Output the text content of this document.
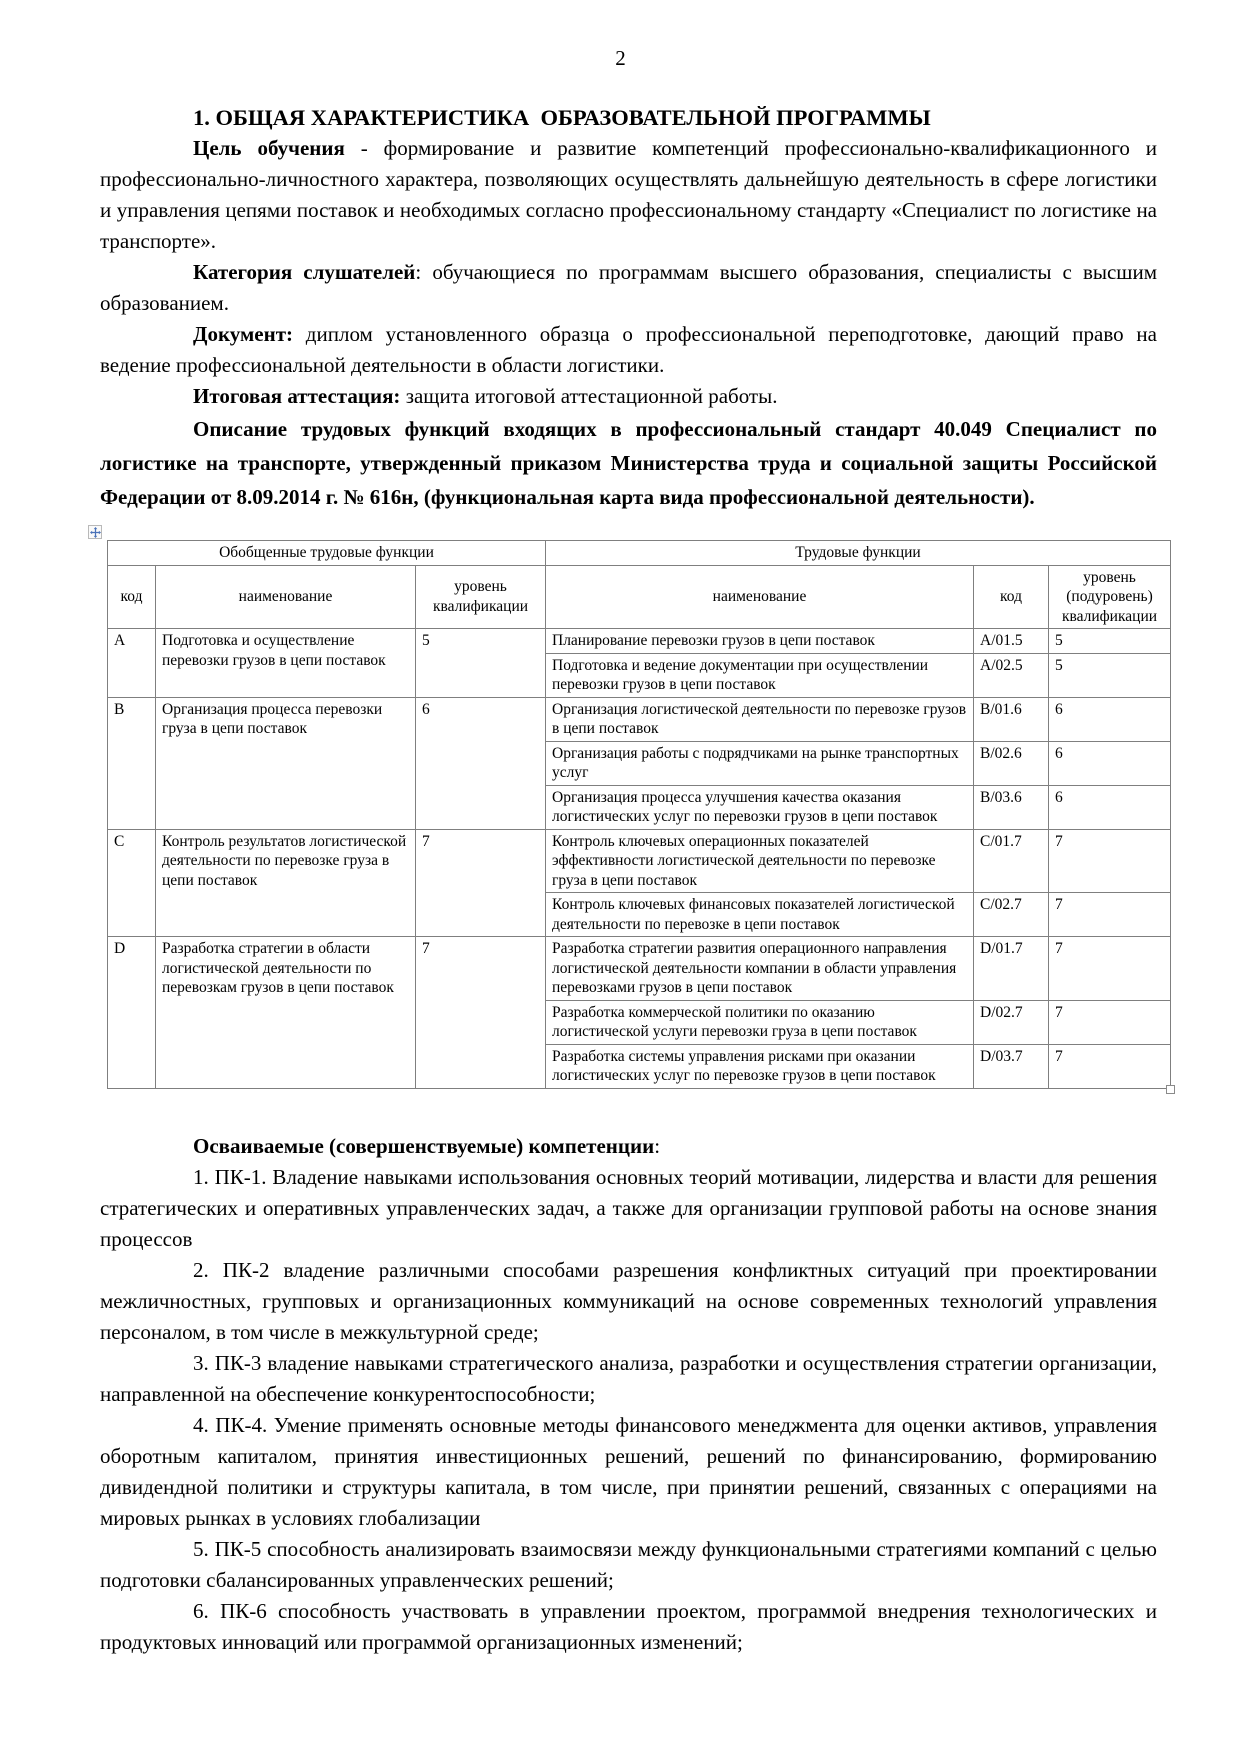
2
1. ОБЩАЯ ХАРАКТЕРИСТИКА  ОБРАЗОВАТЕЛЬНОЙ ПРОГРАММЫ

Цель обучения - формирование и развитие компетенций профессионально-квалификационного и профессионально-личностного характера, позволяющих осуществлять дальнейшую деятельность в сфере логистики и управления цепями поставок и необходимых согласно профессиональному стандарту «Специалист по логистике на транспорте».

Категория слушателей: обучающиеся по программам высшего образования, специалисты с высшим образованием.

Документ: диплом установленного образца о профессиональной переподготовке, дающий право на ведение профессиональной деятельности в области логистики.

Итоговая аттестация: защита итоговой аттестационной работы.

Описание трудовых функций входящих в профессиональный стандарт 40.049 Специалист по логистике на транспорте, утвержденный приказом Министерства труда и социальной защиты Российской Федерации от 8.09.2014 г. № 616н, (функциональная карта вида профессиональной деятельности).

Обобщенные трудовые функции			Трудовые функции		
код	наименование	уровень квалификации	наименование	код	уровень (подуровень) квалификации
A	Подготовка и осуществление перевозки грузов в цепи поставок	5	Планирование перевозки грузов в цепи поставок	A/01.5	5
			Подготовка и ведение документации при осуществлении перевозки грузов в цепи поставок	A/02.5	5
B	Организация процесса перевозки груза в цепи поставок	6	Организация логистической деятельности по перевозке грузов в цепи поставок	B/01.6	6
			Организация работы с подрядчиками на рынке транспортных услуг	B/02.6	6
			Организация процесса улучшения качества оказания логистических услуг по перевозки грузов в цепи поставок	B/03.6	6
C	Контроль результатов логистической деятельности по перевозке груза в цепи поставок	7	Контроль ключевых операционных показателей эффективности логистической деятельности по перевозке груза в цепи поставок	C/01.7	7
			Контроль ключевых финансовых показателей логистической деятельности по перевозке в цепи поставок	C/02.7	7
D	Разработка стратегии в области логистической деятельности по перевозкам грузов в цепи поставок	7	Разработка стратегии развития операционного направления логистической деятельности компании в области управления перевозками грузов в цепи поставок	D/01.7	7
			Разработка коммерческой политики по оказанию логистической услуги перевозки груза в цепи поставок	D/02.7	7
			Разработка системы управления рисками при оказании логистических услуг по перевозке грузов в цепи поставок	D/03.7	7

Осваиваемые (совершенствуемые) компетенции:

1. ПК-1. Владение навыками использования основных теорий мотивации, лидерства и власти для решения стратегических и оперативных управленческих задач, а также для организации групповой работы на основе знания процессов

2. ПК-2 владение различными способами разрешения конфликтных ситуаций при проектировании межличностных, групповых и организационных коммуникаций на основе современных технологий управления персоналом, в том числе в межкультурной среде;

3. ПК-3 владение навыками стратегического анализа, разработки и осуществления стратегии организации, направленной на обеспечение конкурентоспособности;

4. ПК-4. Умение применять основные методы финансового менеджмента для оценки активов, управления оборотным капиталом, принятия инвестиционных решений, решений по финансированию, формированию дивидендной политики и структуры капитала, в том числе, при принятии решений, связанных с операциями на мировых рынках в условиях глобализации

5. ПК-5 способность анализировать взаимосвязи между функциональными стратегиями компаний с целью подготовки сбалансированных управленческих решений;

6. ПК-6 способность участвовать в управлении проектом, программой внедрения технологических и продуктовых инноваций или программой организационных изменений;
